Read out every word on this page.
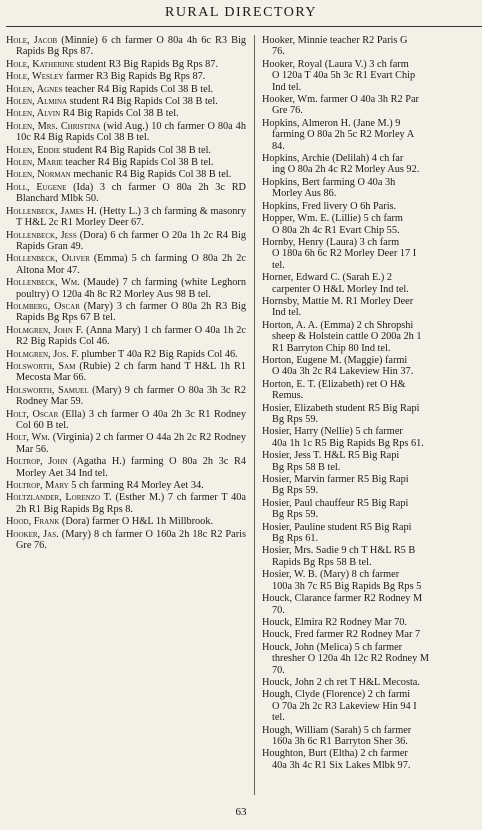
RURAL DIRECTORY
Hole, Jacob (Minnie) 6 ch farmer O 80a 4h 6c R3 Big Rapids Bg Rps 87.
Hole, Katherine student R3 Big Rapids Bg Rps 87.
Hole, Wesley farmer R3 Big Rapids Bg Rps 87.
Holen, Agnes teacher R4 Big Rapids Col 38 B tel.
Holen, Almina student R4 Big Rapids Col 38 B tel.
Holen, Alvin R4 Big Rapids Col 38 B tel.
Holen, Mrs. Christina (wid Aug.) 10 ch farmer O 80a 4h 10c R4 Big Rapids Col 38 B tel.
Holen, Eddie student R4 Big Rapids Col 38 B tel.
Holen, Marie teacher R4 Big Rapids Col 38 B tel.
Holen, Norman mechanic R4 Big Rapids Col 38 B tel.
Holl, Eugene (Ida) 3 ch farmer O 80a 2h 3c RD Blanchard Mlbk 50.
Hollenbeck, James H. (Hetty L.) 3 ch farming & masonry T H&L 2c R1 Morley Deer 67.
Hollenbeck, Jess (Dora) 6 ch farmer O 20a 1h 2c R4 Big Rapids Gran 49.
Hollenbeck, Oliver (Emma) 5 ch farming O 80a 2h 2c Altona Mor 47.
Hollenbeck, Wm. (Maude) 7 ch farming (white Leghorn poultry) O 120a 4h 8c R2 Morley Aus 98 B tel.
Holmberg, Oscar (Mary) 3 ch farmer O 80a 2h R3 Big Rapids Bg Rps 67 B tel.
Holmgren, John F. (Anna Mary) 1 ch farmer O 40a 1h 2c R2 Big Rapids Col 46.
Holmgren, Jos. F. plumber T 40a R2 Big Rapids Col 46.
Holsworth, Sam (Rubie) 2 ch farm hand T H&L 1h R1 Mecosta Mar 66.
Holsworth, Samuel (Mary) 9 ch farmer O 80a 3h 3c R2 Rodney Mar 59.
Holt, Oscar (Ella) 3 ch farmer O 40a 2h 3c R1 Rodney Col 60 B tel.
Holt, Wm. (Virginia) 2 ch farmer O 44a 2h 2c R2 Rodney Mar 56.
Holtrop, John (Agatha H.) farming O 80a 2h 3c R4 Morley Aet 34 Ind tel.
Holtrop, Mary 5 ch farming R4 Morley Aet 34.
Holtzlander, Lorenzo T. (Esther M.) 7 ch farmer T 40a 2h R1 Big Rapids Bg Rps 8.
Hood, Frank (Dora) farmer O H&L 1h Millbrook.
Hooker, Jas. (Mary) 8 ch farmer O 160a 2h 18c R2 Paris Gre 76.
Hooker, Minnie teacher R2 Paris G
76.
Hooker, Royal (Laura V.) 3 ch farm
O 120a T 40a 5h 3c R1 Evart Chip
Ind tel.
Hooker, Wm. farmer O 40a 3h R2 Par
Gre 76.
Hopkins, Almeron H. (Jane M.) 9
farming O 80a 2h 5c R2 Morley A
84.
Hopkins, Archie (Delilah) 4 ch far
ing O 80a 2h 4c R2 Morley Aus 92.
Hopkins, Bert farming O 40a 3h
Morley Aus 86.
Hopkins, Fred livery O 6h Paris.
Hopper, Wm. E. (Lillie) 5 ch farm
O 80a 2h 4c R1 Evart Chip 55.
Hornby, Henry (Laura) 3 ch farm
O 180a 6h 6c R2 Morley Deer 17 I
tel.
Horner, Edward C. (Sarah E.) 2
carpenter O H&L Morley Ind tel.
Hornsby, Mattie M. R1 Morley Deer
Ind tel.
Horton, A. A. (Emma) 2 ch Shropshi
sheep & Holstein cattle O 200a 2h 1
R1 Barryton Chip 80 Ind tel.
Horton, Eugene M. (Maggie) farmi
O 40a 3h 2c R4 Lakeview Hin 37.
Horton, E. T. (Elizabeth) ret O H&
Remus.
Hosier, Elizabeth student R5 Big Rapi
Bg Rps 59.
Hosier, Harry (Nellie) 5 ch farmer
40a 1h 1c R5 Big Rapids Bg Rps 61.
Hosier, Jess T. H&L R5 Big Rapi
Bg Rps 58 B tel.
Hosier, Marvin farmer R5 Big Rapi
Bg Rps 59.
Hosier, Paul chauffeur R5 Big Rapi
Bg Rps 59.
Hosier, Pauline student R5 Big Rapi
Bg Rps 61.
Hosier, Mrs. Sadie 9 ch T H&L R5 B
Rapids Bg Rps 58 B tel.
Hosier, W. B. (Mary) 8 ch farmer
100a 3h 7c R5 Big Rapids Bg Rps 5
Houck, Clarance farmer R2 Rodney M
70.
Houck, Elmira R2 Rodney Mar 70.
Houck, Fred farmer R2 Rodney Mar 7
Houck, John (Melica) 5 ch farmer
thresher O 120a 4h 12c R2 Rodney M
70.
Houck, John 2 ch ret T H&L Mecosta.
Hough, Clyde (Florence) 2 ch farmi
O 70a 2h 2c R3 Lakeview Hin 94 I
tel.
Hough, William (Sarah) 5 ch farmer
160a 3h 6c R1 Barryton Sher 36.
Houghton, Burt (Eltha) 2 ch farmer
40a 3h 4c R1 Six Lakes Mlbk 97.
63
